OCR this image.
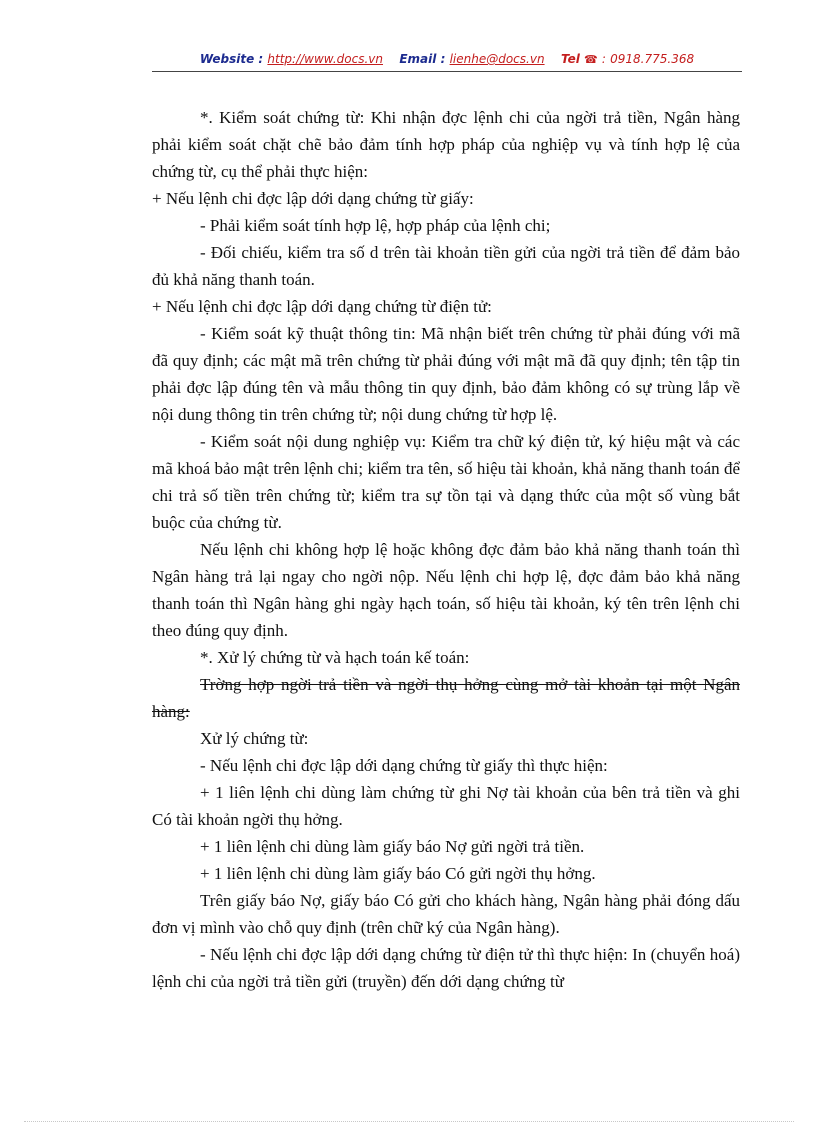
Website : http://www.docs.vn Email : lienhe@docs.vn Tel ☎ : 0918.775.368

*. Kiểm soát chứng từ: Khi nhận đợc lệnh chi của ngời trả tiền, Ngân hàng phải kiểm soát chặt chẽ bảo đảm tính hợp pháp của nghiệp vụ và tính hợp lệ của chứng từ, cụ thể phải thực hiện:

+ Nếu lệnh chi đợc lập dới dạng chứng từ giấy:

- Phải kiểm soát tính hợp lệ, hợp pháp của lệnh chi;

- Đối chiếu, kiểm tra số d trên tài khoản tiền gửi của ngời trả tiền để đảm bảo đủ khả năng thanh toán.

+ Nếu lệnh chi đợc lập dới dạng chứng từ điện tử:

- Kiểm soát kỹ thuật thông tin: Mã nhận biết trên chứng từ phải đúng với mã đã quy định; các mật mã trên chứng từ phải đúng với mật mã đã quy định; tên tập tin phải đợc lập đúng tên và mẫu thông tin quy định, bảo đảm không có sự trùng lắp về nội dung thông tin trên chứng từ; nội dung chứng từ hợp lệ.

- Kiểm soát nội dung nghiệp vụ: Kiểm tra chữ ký điện tử, ký hiệu mật và các mã khoá bảo mật trên lệnh chi; kiểm tra tên, số hiệu tài khoản, khả năng thanh toán để chi trả số tiền trên chứng từ; kiểm tra sự tồn tại và dạng thức của một số vùng bắt buộc của chứng từ.

Nếu lệnh chi không hợp lệ hoặc không đợc đảm bảo khả năng thanh toán thì Ngân hàng trả lại ngay cho ngời nộp. Nếu lệnh chi hợp lệ, đợc đảm bảo khả năng thanh toán thì Ngân hàng ghi ngày hạch toán, số hiệu tài khoản, ký tên trên lệnh chi theo đúng quy định.

*. Xử lý chứng từ và hạch toán kế toán:

Trờng hợp ngời trả tiền và ngời thụ hởng cùng mở tài khoản tại một Ngân hàng:

Xử lý chứng từ:

- Nếu lệnh chi đợc lập dới dạng chứng từ giấy thì thực hiện:

+ 1 liên lệnh chi dùng làm chứng từ ghi Nợ tài khoản của bên trả tiền và ghi Có tài khoản ngời thụ hởng.

+ 1 liên lệnh chi dùng làm giấy báo Nợ gửi ngời trả tiền.

+ 1 liên lệnh chi dùng làm giấy báo Có gửi ngời thụ hởng.

Trên giấy báo Nợ, giấy báo Có gửi cho khách hàng, Ngân hàng phải đóng dấu đơn vị mình vào chỗ quy định (trên chữ ký của Ngân hàng).

- Nếu lệnh chi đợc lập dới dạng chứng từ điện tử thì thực hiện: In (chuyển hoá) lệnh chi của ngời trả tiền gửi (truyền) đến dới dạng chứng từ
